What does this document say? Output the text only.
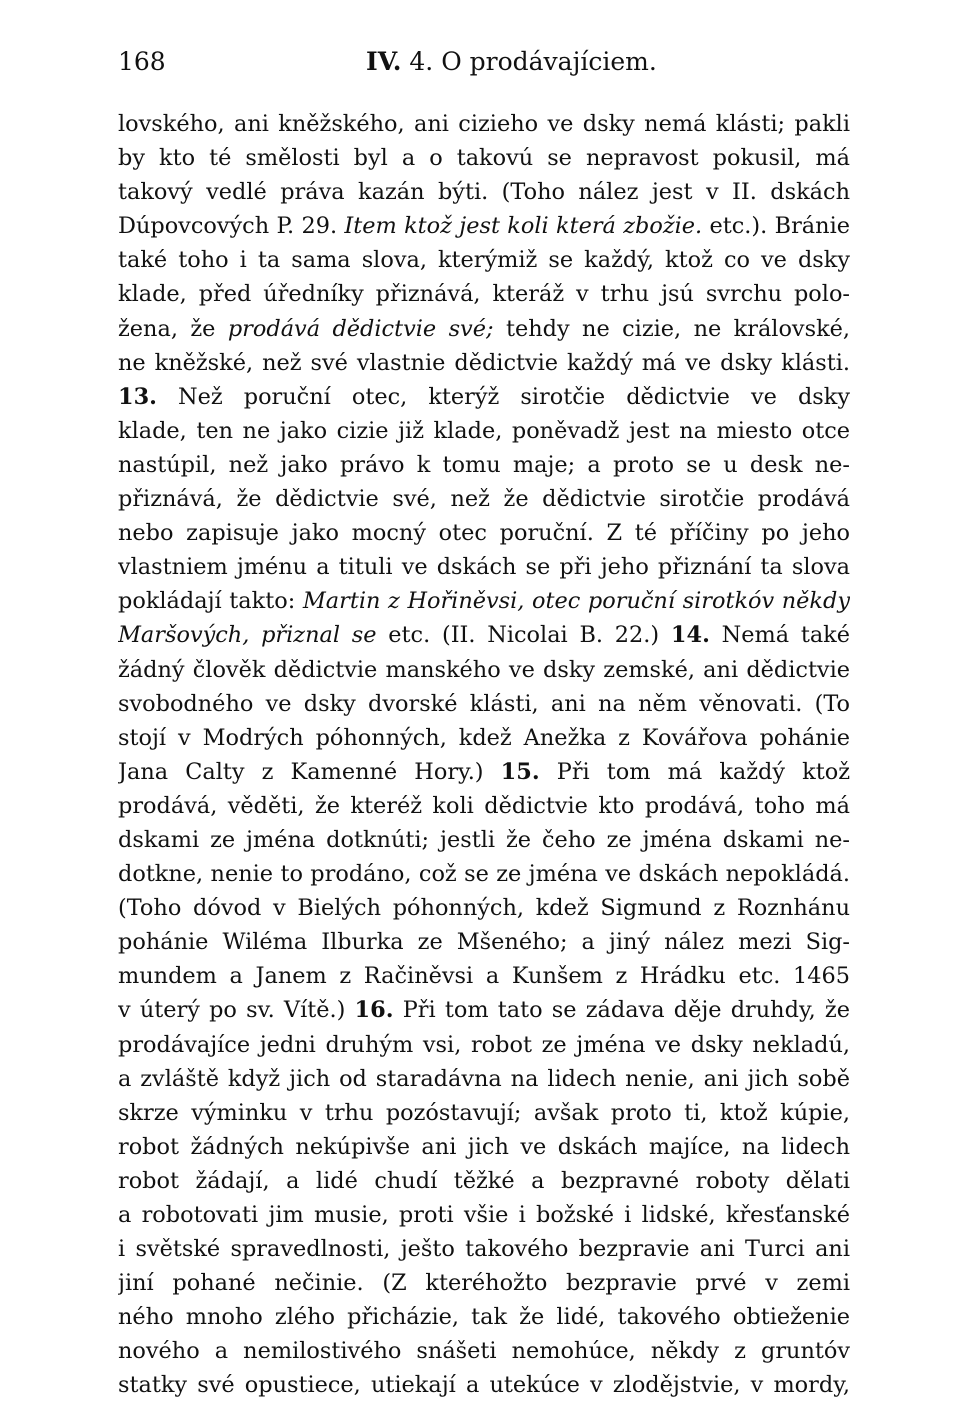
168	IV. 4. O prodávajíciem.
lovského, ani kněžského, ani cizieho ve dsky nemá klásti; pakli
by kto té smělosti byl a o takovú se nepravost pokusil, má
takový vedlé práva kazán býti. (Toho nález jest v II. dskách
Dúpovcových P. 29. Item ktož jest koli která zbožie. etc.). Bránie
také toho i ta sama slova, kterýmiž se každý, ktož co ve dsky
klade, před úředníky přiznává, kteráž v trhu jsú svrchu polo-
žena, že prodává dědictvie své; tehdy ne cizie, ne královské,
ne kněžské, než své vlastnie dědictvie každý má ve dsky klásti.
13. Než poruční otec, kterýž sirotčie dědictvie ve dsky
klade, ten ne jako cizie již klade, poněvadž jest na miesto otce
nastúpil, než jako právo k tomu maje; a proto se u desk ne-
přiznává, že dědictvie své, než že dědictvie sirotčie prodává
nebo zapisuje jako mocný otec poruční. Z té příčiny po jeho
vlastniem jménu a tituli ve dskách se při jeho přiznání ta slova
pokládají takto: Martin z Hořiněvsi, otec poruční sirotkóv někdy
Maršových, přiznal se etc. (II. Nicolai B. 22.) 14. Nemá také
žádný člověk dědictvie manského ve dsky zemské, ani dědictvie
svobodného ve dsky dvorské klásti, ani na něm věnovati. (To
stojí v Modrých póhonných, kdež Anežka z Kovářova pohánie
Jana Calty z Kamenné Hory.) 15. Při tom má každý ktož
prodává, věděti, že kteréž koli dědictvie kto prodává, toho má
dskami ze jména dotknúti; jestli že čeho ze jména dskami ne-
dotkne, nenie to prodáno, což se ze jména ve dskách nepokládá.
(Toho dóvod v Bielých póhonných, kdež Sigmund z Roznhánu
pohánie Wiléma Ilburka ze Mšeného; a jiný nález mezi Sig-
mundem a Janem z Račiněvsi a Kunšem z Hrádku etc. 1465
v úterý po sv. Vítě.) 16. Při tom tato se zádava děje druhdy, že
prodávajíce jedni druhým vsi, robot ze jména ve dsky nekladú,
a zvláště když jich od staradávna na lidech nenie, ani jich sobě
skrze výminku v trhu pozóstavují; avšak proto ti, ktož kúpie,
robot žádných nekúpivše ani jich ve dskách majíce, na lidech
robot žádají, a lidé chudí těžké a bezpravné roboty dělati
a robotovati jim musie, proti všie i božské i lidské, křesťanské
i světské spravedlnosti, ješto takového bezpravie ani Turci ani
jiní pohané nečinie. (Z kteréhožto bezpravie prvé v zemi
ného mnoho zlého přicházie, tak že lidé, takového obtieženie
nového a nemilostivého snášeti nemohúce, někdy z gruntóv
statky své opustiece, utiekají a utekúce v zlodějstvie, v mordy,
